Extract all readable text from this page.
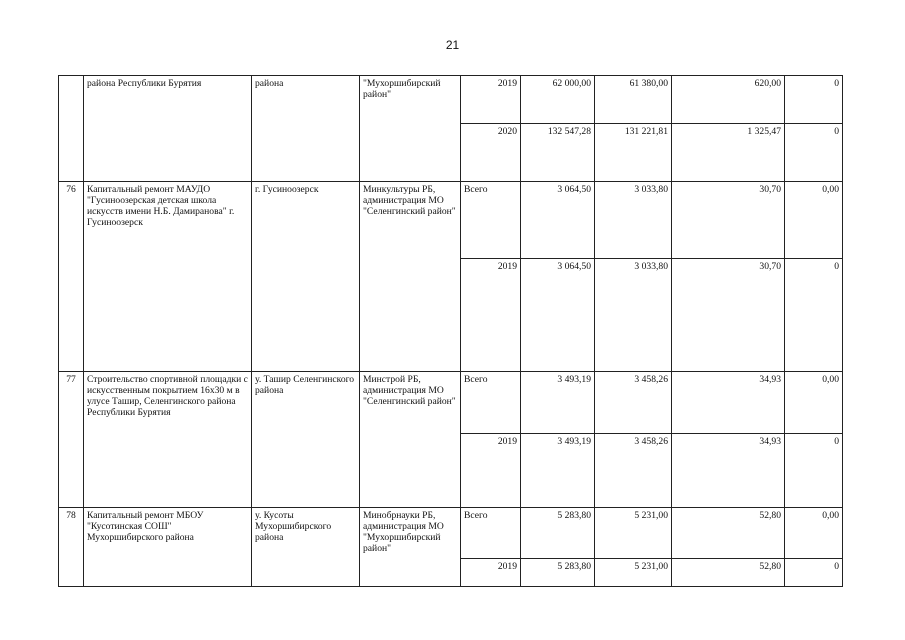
21
	района Республики Бурятия	района	"Мухоршибирский район"	2019	62 000,00	61 380,00	620,00	0
				2020	132 547,28	131 221,81	1 325,47	0
76	Капитальный ремонт МАУДО "Гусиноозерская детская школа искусств имени Н.Б. Дамиранова" г. Гусиноозерск	г. Гусиноозерск	Минкультуры РБ, администрация МО "Селенгинский район"	Всего	3 064,50	3 033,80	30,70	0,00
				2019	3 064,50	3 033,80	30,70	0
77	Строительство спортивной площадки с искусственным покрытием 16х30 м в улусе Ташир, Селенгинского района Республики Бурятия	у. Ташир Селенгинского района	Минстрой РБ, администрация МО "Селенгинский район"	Всего	3 493,19	3 458,26	34,93	0,00
				2019	3 493,19	3 458,26	34,93	0
78	Капитальный ремонт МБОУ "Кусотинская СОШ" Мухоршибирского района	у. Кусоты Мухоршибирского района	Минобрнауки РБ, администрация МО "Мухоршибирский район"	Всего	5 283,80	5 231,00	52,80	0,00
				2019	5 283,80	5 231,00	52,80	0
